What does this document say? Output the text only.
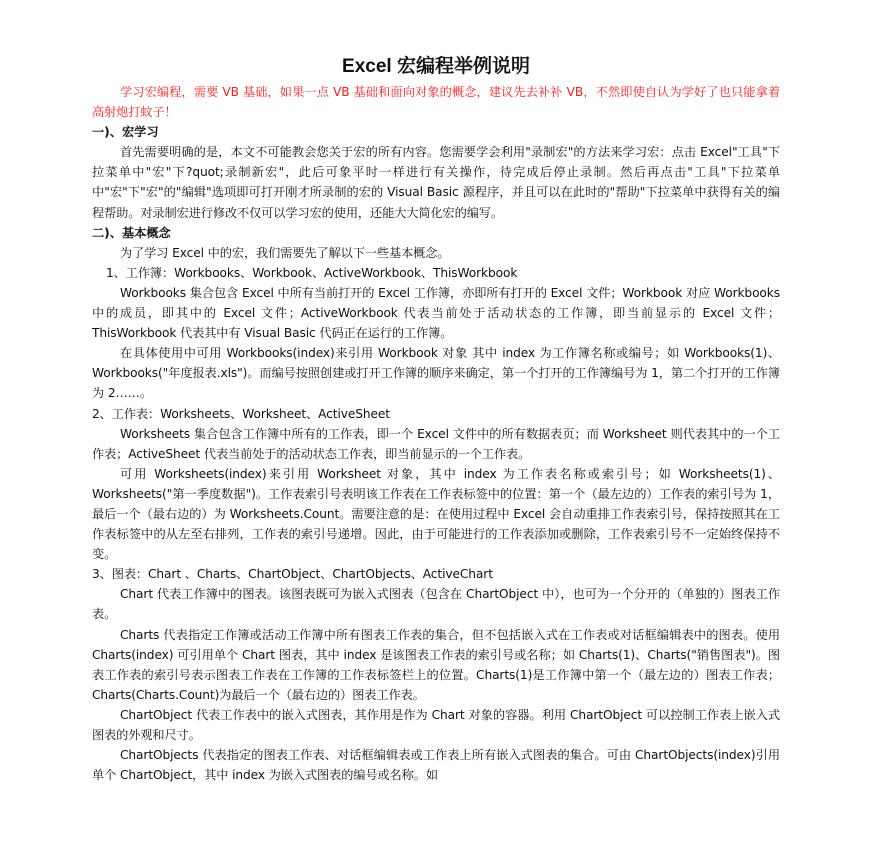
Excel 宏编程举例说明

学习宏编程，需要 VB 基础，如果一点 VB 基础和面向对象的概念，建议先去补补 VB，不然即使自认为学好了也只能拿着高射炮打蚊子！

一)、宏学习

首先需要明确的是，本文不可能教会您关于宏的所有内容。您需要学会利用"录制宏"的方法来学习宏：点击 Excel"工具"下拉菜单中"宏"下?quot;录制新宏"，此后可象平时一样进行有关操作，待完成后停止录制。然后再点击"工具"下拉菜单中"宏"下"宏"的"编辑"选项即可打开刚才所录制的宏的 Visual Basic 源程序，并且可以在此时的"帮助"下拉菜单中获得有关的编程帮助。对录制宏进行修改不仅可以学习宏的使用，还能大大简化宏的编写。

二)、基本概念

为了学习 Excel 中的宏，我们需要先了解以下一些基本概念。

1、工作簿：Workbooks、Workbook、ActiveWorkbook、ThisWorkbook

Workbooks 集合包含 Excel 中所有当前打开的 Excel 工作簿，亦即所有打开的 Excel 文件；Workbook 对应 Workbooks 中的成员，即其中的 Excel 文件；ActiveWorkbook 代表当前处于活动状态的工作簿，即当前显示的 Excel 文件；ThisWorkbook 代表其中有 Visual Basic 代码正在运行的工作簿。

在具体使用中可用 Workbooks(index)来引用 Workbook 对象 其中 index 为工作簿名称或编号；如 Workbooks(1)、Workbooks("年度报表.xls")。而编号按照创建或打开工作簿的顺序来确定，第一个打开的工作簿编号为 1，第二个打开的工作簿为 2……。

2、工作表：Worksheets、Worksheet、ActiveSheet

Worksheets 集合包含工作簿中所有的工作表，即一个 Excel 文件中的所有数据表页；而 Worksheet 则代表其中的一个工作表；ActiveSheet 代表当前处于的活动状态工作表，即当前显示的一个工作表。

可用 Worksheets(index)来引用 Worksheet 对象，其中 index 为工作表名称或索引号；如 Worksheets(1)、Worksheets("第一季度数据")。工作表索引号表明该工作表在工作表标签中的位置：第一个（最左边的）工作表的索引号为 1，最后一个（最右边的）为 Worksheets.Count。需要注意的是：在使用过程中 Excel 会自动重排工作表索引号，保持按照其在工作表标签中的从左至右排列，工作表的索引号递增。因此，由于可能进行的工作表添加或删除，工作表索引号不一定始终保持不变。

3、图表：Chart 、Charts、ChartObject、ChartObjects、ActiveChart

Chart 代表工作簿中的图表。该图表既可为嵌入式图表（包含在 ChartObject 中），也可为一个分开的（单独的）图表工作表。

Charts 代表指定工作簿或活动工作簿中所有图表工作表的集合，但不包括嵌入式在工作表或对话框编辑表中的图表。使用 Charts(index) 可引用单个 Chart 图表，其中 index 是该图表工作表的索引号或名称；如 Charts(1)、Charts("销售图表")。图表工作表的索引号表示图表工作表在工作簿的工作表标签栏上的位置。Charts(1)是工作簿中第一个（最左边的）图表工作表；Charts(Charts.Count)为最后一个（最右边的）图表工作表。

ChartObject 代表工作表中的嵌入式图表，其作用是作为 Chart 对象的容器。利用 ChartObject 可以控制工作表上嵌入式图表的外观和尺寸。

ChartObjects 代表指定的图表工作表、对话框编辑表或工作表上所有嵌入式图表的集合。可由 ChartObjects(index)引用单个 ChartObject，其中 index 为嵌入式图表的编号或名称。如
